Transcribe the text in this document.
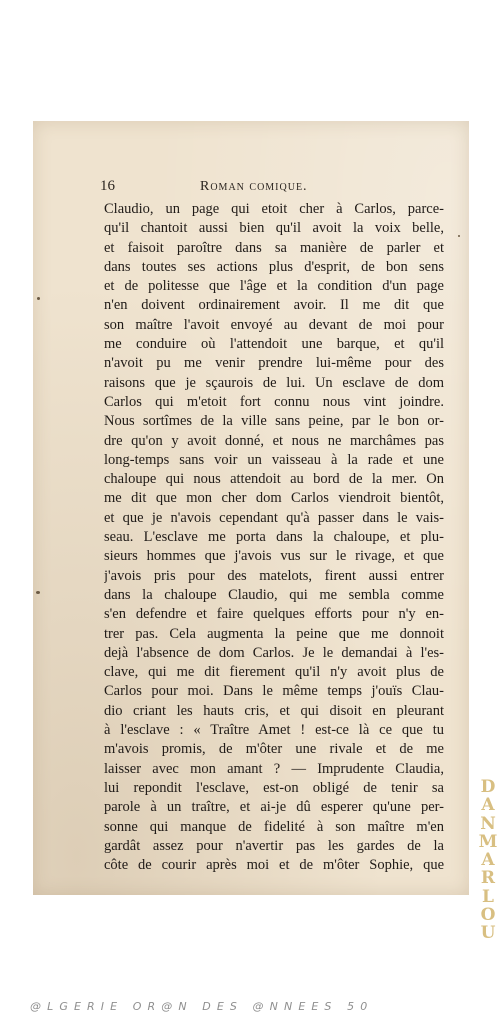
16	Roman comique.
Claudio, un page qui etoit cher à Carlos, parce-
qu'il chantoit aussi bien qu'il avoit la voix belle,
et faisoit paroître dans sa manière de parler et
dans toutes ses actions plus d'esprit, de bon sens
et de politesse que l'âge et la condition d'un page
n'en doivent ordinairement avoir. Il me dit que
son maître l'avoit envoyé au devant de moi pour
me conduire où l'attendoit une barque, et qu'il
n'avoit pu me venir prendre lui-même pour des
raisons que je sçaurois de lui. Un esclave de dom
Carlos qui m'etoit fort connu nous vint joindre.
Nous sortîmes de la ville sans peine, par le bon or-
dre qu'on y avoit donné, et nous ne marchâmes pas
long-temps sans voir un vaisseau à la rade et une
chaloupe qui nous attendoit au bord de la mer. On
me dit que mon cher dom Carlos viendroit bientôt,
et que je n'avois cependant qu'à passer dans le vais-
seau. L'esclave me porta dans la chaloupe, et plu-
sieurs hommes que j'avois vus sur le rivage, et que
j'avois pris pour des matelots, firent aussi entrer
dans la chaloupe Claudio, qui me sembla comme
s'en defendre et faire quelques efforts pour n'y en-
trer pas. Cela augmenta la peine que me donnoit
dejà l'absence de dom Carlos. Je le demandai à l'es-
clave, qui me dit fierement qu'il n'y avoit plus de
Carlos pour moi. Dans le même temps j'ouïs Clau-
dio criant les hauts cris, et qui disoit en pleurant
à l'esclave : « Traître Amet ! est-ce là ce que tu
m'avois promis, de m'ôter une rivale et de me
laisser avec mon amant ? — Imprudente Claudia,
lui repondit l'esclave, est-on obligé de tenir sa
parole à un traître, et ai-je dû esperer qu'une per-
sonne qui manque de fidelité à son maître m'en
gardât assez pour n'avertir pas les gardes de la
côte de courir après moi et de m'ôter Sophie, que
D
A
N
M
A
R
L
O
U
@LGERIE OR@N DES @NNEES 50
